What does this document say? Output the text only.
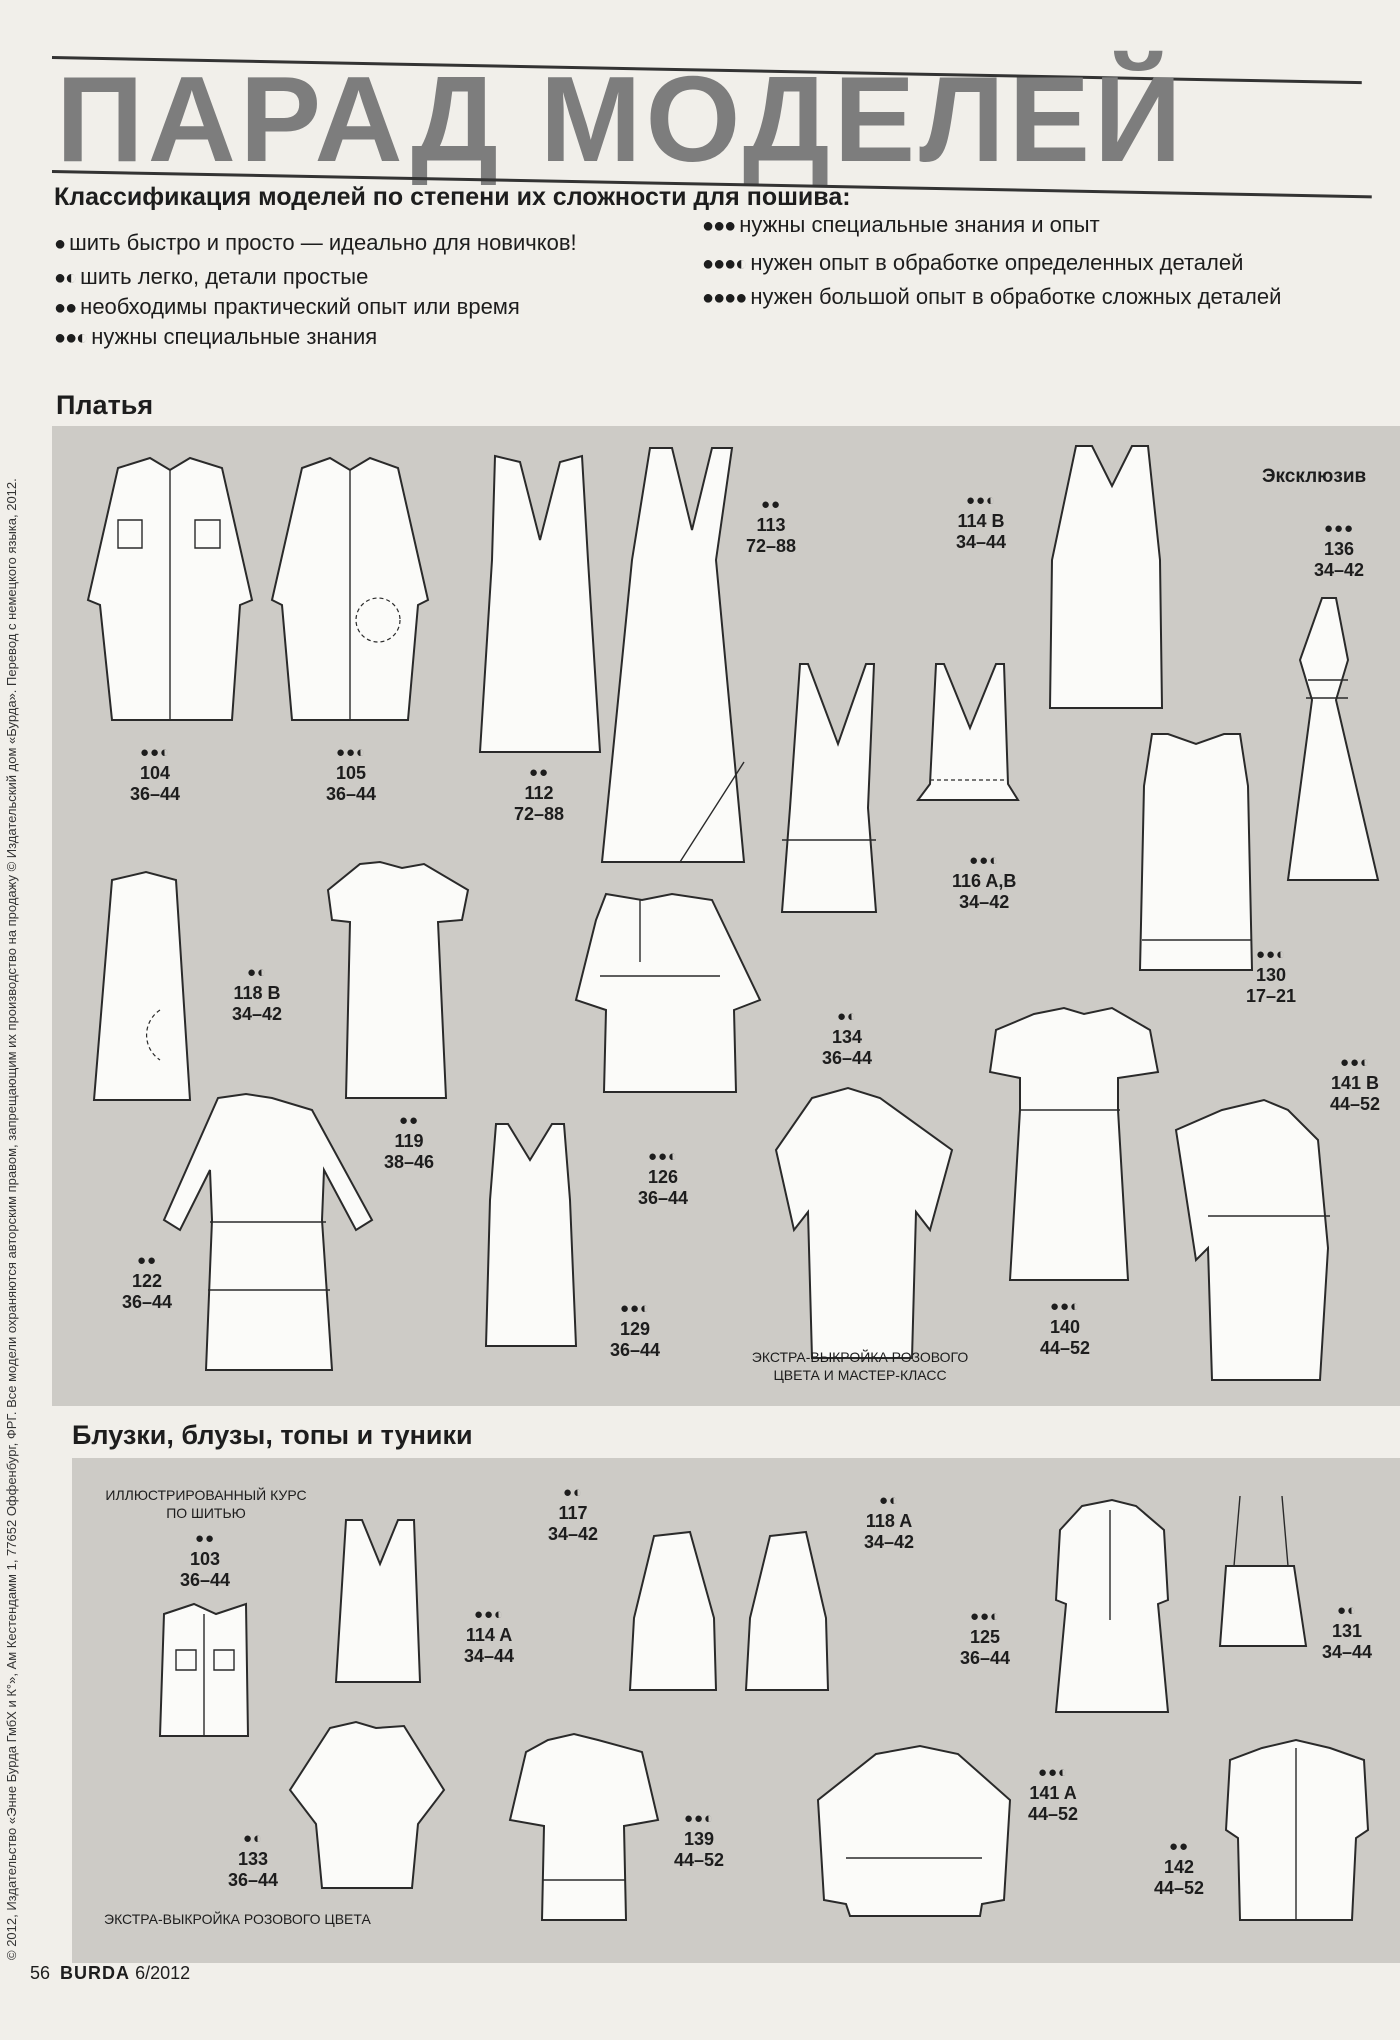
ПАРАД МОДЕЛЕЙ
Классификация моделей по степени их сложности для пошива:
● шить быстро и просто — идеально для новичков!
●◐ шить легко, детали простые
●● необходимы практический опыт или время
●●◐ нужны специальные знания
●●● нужны специальные знания и опыт
●●●◐ нужен опыт в обработке определенных деталей
●●●● нужен большой опыт в обработке сложных деталей
Платья
Блузки, блузы, топы и туники
●●◐
104
36–44
●●◐
105
36–44
●●
112
72–88
●●
113
72–88
●●◐
114 B
34–44
Эксклюзив
●●●
136
34–42
●●◐
116 A,B
34–42
●◐
118 B
34–42
●●
119
38–46	●●◐
126
36–44
●◐
134
36–44
●●◐
130
17–21
●●◐
141 B
44–52
●●
122
36–44	●●◐
129
36–44
●●◐
140
44–52
ЭКСТРА-ВЫКРОЙКА РОЗОВОГО ЦВЕТА И МАСТЕР-КЛАСС
ИЛЛЮСТРИРОВАННЫЙ КУРС ПО ШИТЬЮ
●●
103
36–44
●◐
117
34–42
●◐
118 A
34–42
●●◐
114 A
34–44
●●◐
125
36–44
●◐
131
34–44
●◐
133
36–44
●●◐
139
44–52
●●◐
141 A
44–52
●●
142
44–52
ЭКСТРА-ВЫКРОЙКА РОЗОВОГО ЦВЕТА
© 2012, Издательство «Энне Бурда ГмбХ и К°», Ам Кестендамм 1, 77652 Оффенбург, ФРГ. Все модели охраняются авторским правом, запрещающим их производство на продажу © Издательский дом «Бурда». Перевод с немецкого языка, 2012.
56 BURDA 6/2012
